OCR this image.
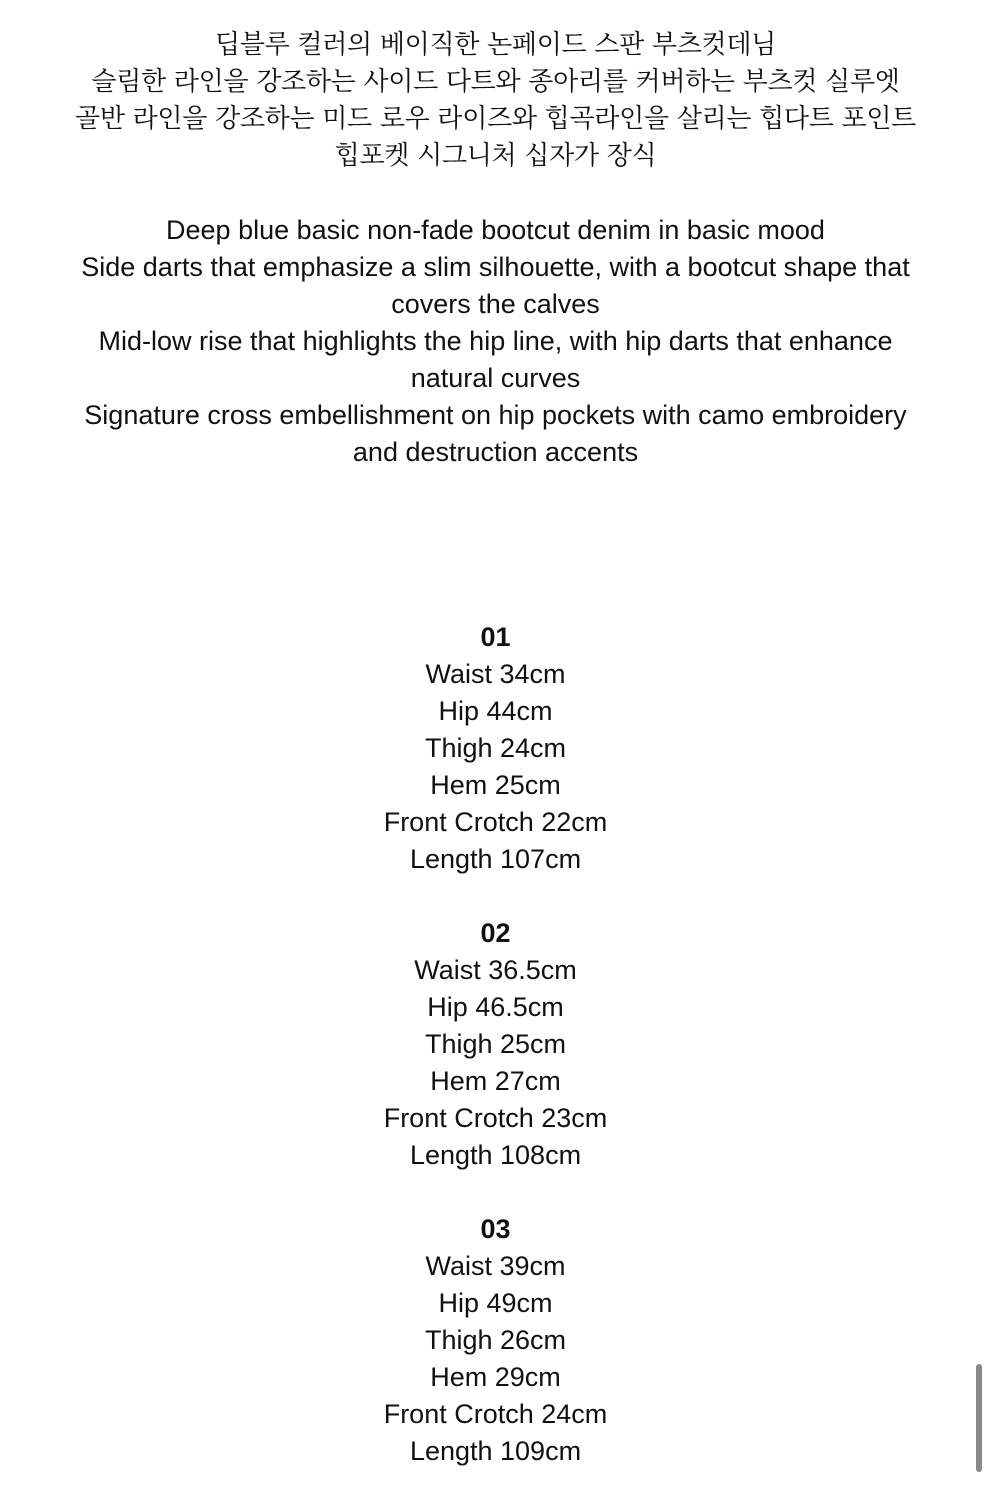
딥블루 컬러의 베이직한 논페이드 스판 부츠컷데님
슬림한 라인을 강조하는 사이드 다트와 종아리를 커버하는 부츠컷 실루엣
골반 라인을 강조하는 미드 로우 라이즈와 힙곡라인을 살리는 힙다트 포인트
힙포켓 시그니처 십자가 장식
Deep blue basic non-fade bootcut denim in basic mood
Side darts that emphasize a slim silhouette, with a bootcut shape that
covers the calves
Mid-low rise that highlights the hip line, with hip darts that enhance
natural curves
Signature cross embellishment on hip pockets with camo embroidery
and destruction accents
01
Waist 34cm
Hip 44cm
Thigh 24cm
Hem 25cm
Front Crotch 22cm
Length 107cm
02
Waist 36.5cm
Hip 46.5cm
Thigh 25cm
Hem 27cm
Front Crotch 23cm
Length 108cm
03
Waist 39cm
Hip 49cm
Thigh 26cm
Hem 29cm
Front Crotch 24cm
Length 109cm
